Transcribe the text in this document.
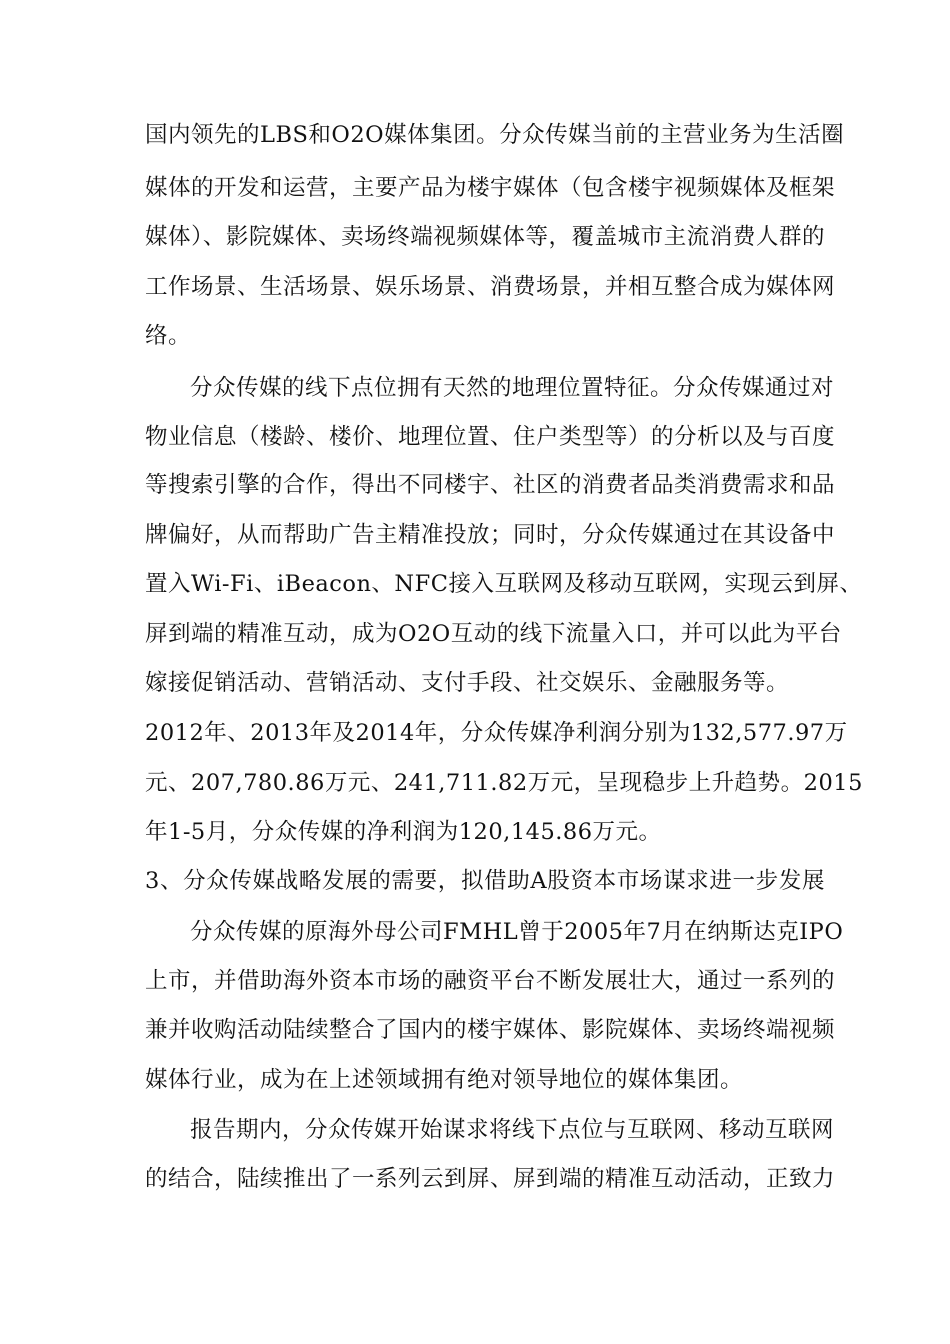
国内领先的LBS和O2O媒体集团。分众传媒当前的主营业务为生活圈
媒体的开发和运营，主要产品为楼宇媒体（包含楼宇视频媒体及框架
媒体）、影院媒体、卖场终端视频媒体等，覆盖城市主流消费人群的
工作场景、生活场景、娱乐场景、消费场景，并相互整合成为媒体网
络。
分众传媒的线下点位拥有天然的地理位置特征。分众传媒通过对
物业信息（楼龄、楼价、地理位置、住户类型等）的分析以及与百度
等搜索引擎的合作，得出不同楼宇、社区的消费者品类消费需求和品
牌偏好，从而帮助广告主精准投放；同时，分众传媒通过在其设备中
置入Wi-Fi、iBeacon、NFC接入互联网及移动互联网，实现云到屏、
屏到端的精准互动，成为O2O互动的线下流量入口，并可以此为平台
嫁接促销活动、营销活动、支付手段、社交娱乐、金融服务等。
2012年、2013年及2014年，分众传媒净利润分别为132,577.97万
元、207,780.86万元、241,711.82万元，呈现稳步上升趋势。2015
年1-5月，分众传媒的净利润为120,145.86万元。
3、分众传媒战略发展的需要，拟借助A股资本市场谋求进一步发展
分众传媒的原海外母公司FMHL曾于2005年7月在纳斯达克IPO
上市，并借助海外资本市场的融资平台不断发展壮大，通过一系列的
兼并收购活动陆续整合了国内的楼宇媒体、影院媒体、卖场终端视频
媒体行业，成为在上述领域拥有绝对领导地位的媒体集团。
报告期内，分众传媒开始谋求将线下点位与互联网、移动互联网
的结合，陆续推出了一系列云到屏、屏到端的精准互动活动，正致力
